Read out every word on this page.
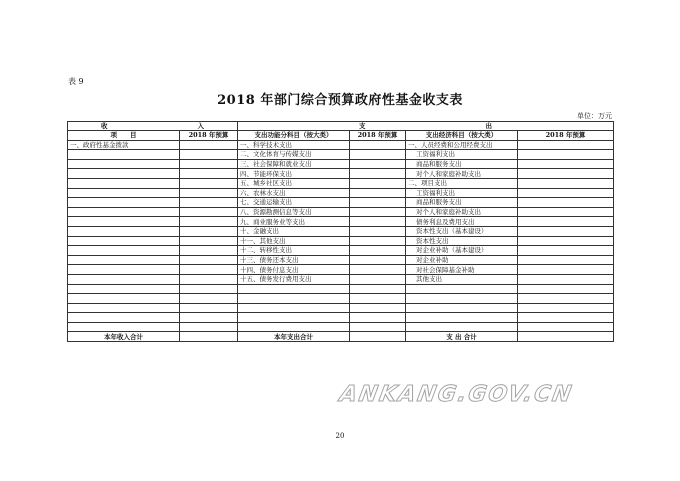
表 9
2018 年部门综合预算政府性基金收支表
单位：万元
收 入		支 出			
项　　目	2018 年预算	支出功能分科目（按大类）	2018 年预算	支出经济科目（按大类）	2018 年预算
一、政府性基金拨款		一、科学技术支出		一、人员经费和公用经费支出	
		二、文化体育与传媒支出		工资福利支出	
		三、社会保障和就业支出		商品和服务支出	
		四、节能环保支出		对个人和家庭补助支出	
		五、城乡社区支出		二、项目支出	
		六、农林水支出		工资福利支出	
		七、交通运输支出		商品和服务支出	
		八、资源勘测信息等支出		对个人和家庭补助支出	
		九、商业服务业等支出		债务利息及费用支出	
		十、金融支出		资本性支出（基本建设）	
		十一、其他支出		资本性支出	
		十二、转移性支出		对企业补助（基本建设）	
		十三、债务还本支出		对企业补助	
		十四、债务付息支出		对社会保障基金补助	
		十五、债务发行费用支出		其他支出	

本年收入合计		本年支出合计		支 出 合计	
ANKANG.GOV.CN
20
